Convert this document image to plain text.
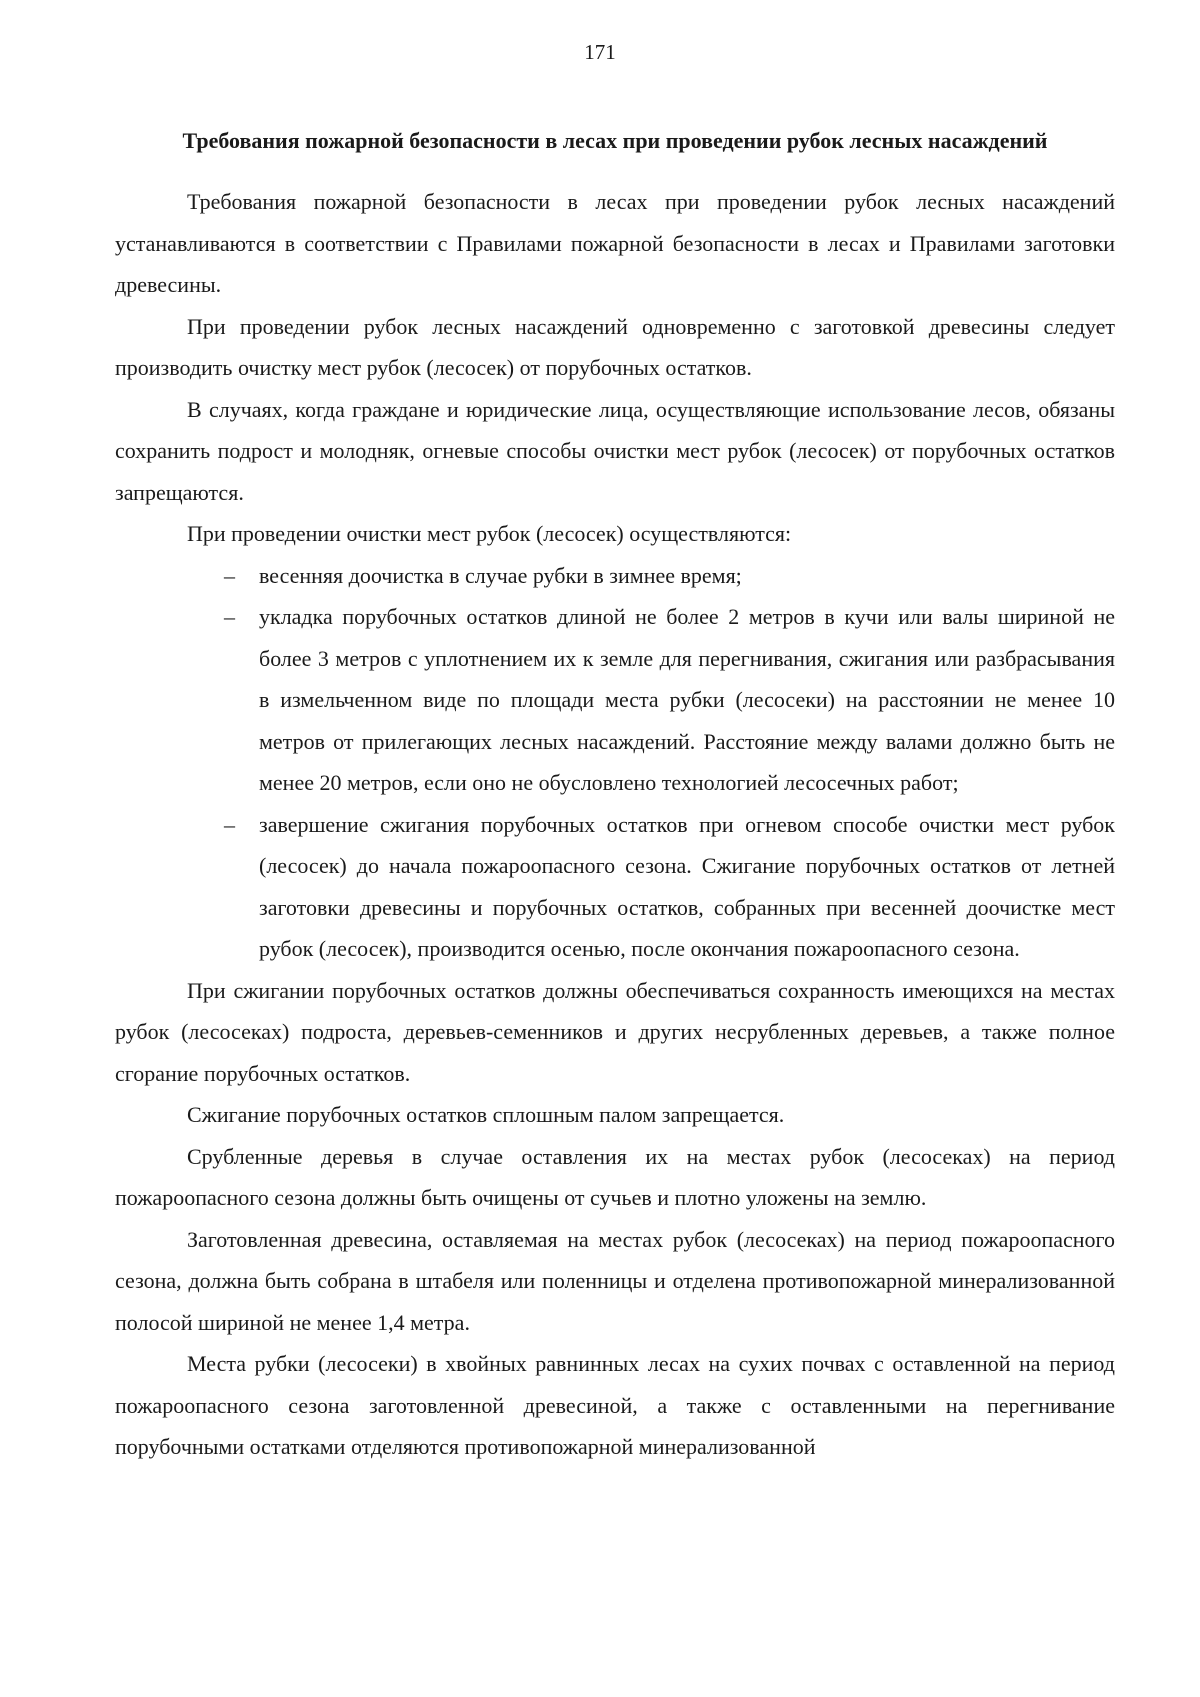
171
Требования пожарной безопасности в лесах при проведении рубок лесных насаждений

Требования пожарной безопасности в лесах при проведении рубок лесных насаждений устанавливаются в соответствии с Правилами пожарной безопасности в лесах и Правилами заготовки древесины.

При проведении рубок лесных насаждений одновременно с заготовкой древесины следует производить очистку мест рубок (лесосек) от порубочных остатков.

В случаях, когда граждане и юридические лица, осуществляющие использование лесов, обязаны сохранить подрост и молодняк, огневые способы очистки мест рубок (лесосек) от порубочных остатков запрещаются.

При проведении очистки мест рубок (лесосек) осуществляются:

– весенняя доочистка в случае рубки в зимнее время;
– укладка порубочных остатков длиной не более 2 метров в кучи или валы шириной не более 3 метров с уплотнением их к земле для перегнивания, сжигания или разбрасывания в измельченном виде по площади места рубки (лесосеки) на расстоянии не менее 10 метров от прилегающих лесных насаждений. Расстояние между валами должно быть не менее 20 метров, если оно не обусловлено технологией лесосечных работ;
– завершение сжигания порубочных остатков при огневом способе очистки мест рубок (лесосек) до начала пожароопасного сезона. Сжигание порубочных остатков от летней заготовки древесины и порубочных остатков, собранных при весенней доочистке мест рубок (лесосек), производится осенью, после окончания пожароопасного сезона.

При сжигании порубочных остатков должны обеспечиваться сохранность имеющихся на местах рубок (лесосеках) подроста, деревьев-семенников и других несрубленных деревьев, а также полное сгорание порубочных остатков.

Сжигание порубочных остатков сплошным палом запрещается.

Срубленные деревья в случае оставления их на местах рубок (лесосеках) на период пожароопасного сезона должны быть очищены от сучьев и плотно уложены на землю.

Заготовленная древесина, оставляемая на местах рубок (лесосеках) на период пожароопасного сезона, должна быть собрана в штабеля или поленницы и отделена противопожарной минерализованной полосой шириной не менее 1,4 метра.

Места рубки (лесосеки) в хвойных равнинных лесах на сухих почвах с оставленной на период пожароопасного сезона заготовленной древесиной, а также с оставленными на перегнивание порубочными остатками отделяются противопожарной минерализованной
